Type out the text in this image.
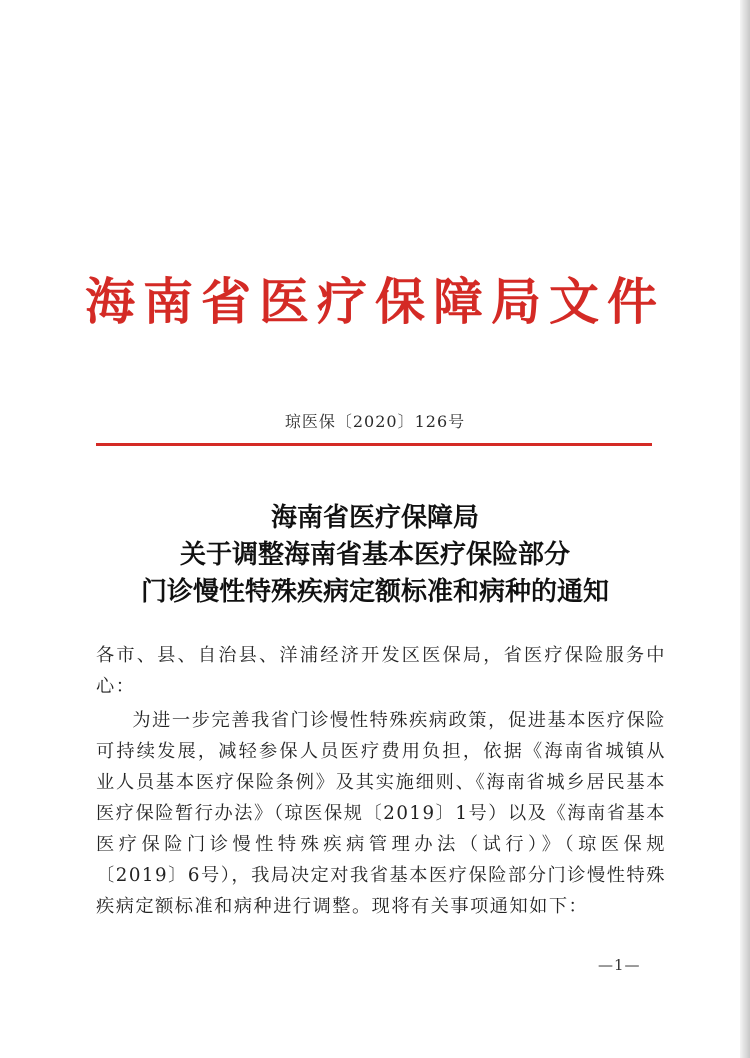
海南省医疗保障局文件
琼医保〔2020〕126号
海南省医疗保障局
关于调整海南省基本医疗保险部分
门诊慢性特殊疾病定额标准和病种的通知

各市、县、自治县、洋浦经济开发区医保局，省医疗保险服务中心：

为进一步完善我省门诊慢性特殊疾病政策，促进基本医疗保险可持续发展，减轻参保人员医疗费用负担，依据《海南省城镇从业人员基本医疗保险条例》及其实施细则、《海南省城乡居民基本医疗保险暂行办法》（琼医保规〔2019〕1号）以及《海南省基本医疗保险门诊慢性特殊疾病管理办法（试行）》（琼医保规〔2019〕6号），我局决定对我省基本医疗保险部分门诊慢性特殊疾病定额标准和病种进行调整。现将有关事项通知如下：

—1—
